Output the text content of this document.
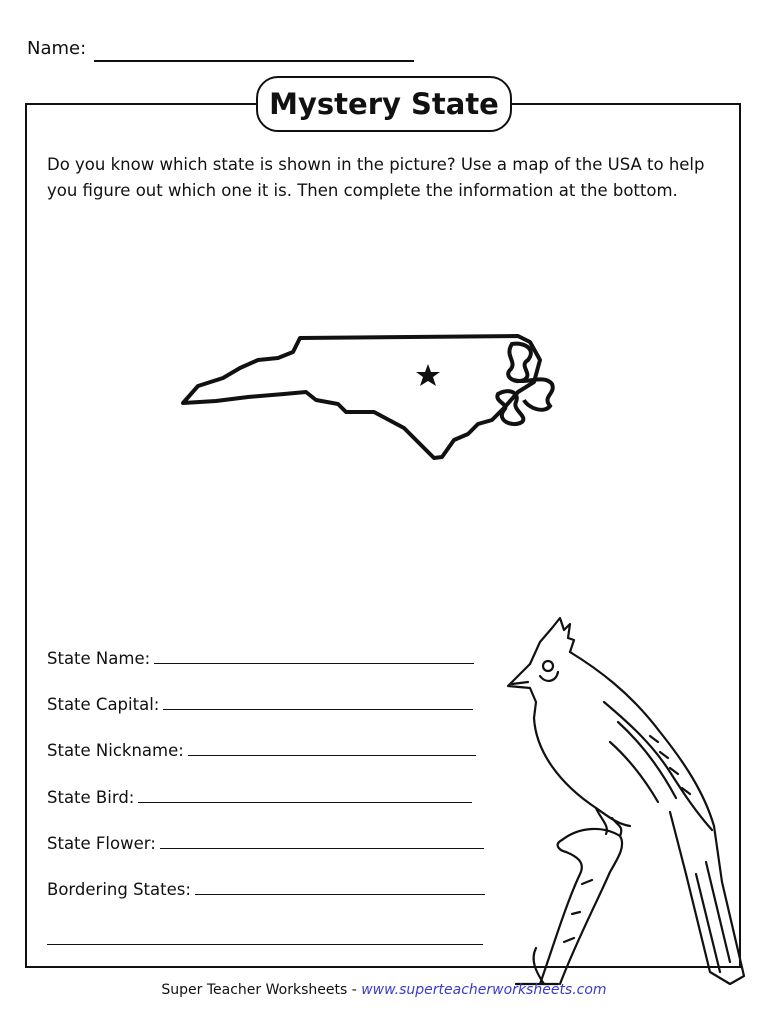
Name:
Mystery State

Do you know which state is shown in the picture? Use a map of the USA to help you figure out which one it is. Then complete the information at the bottom.

State Name:
State Capital:
State Nickname:
State Bird:
State Flower:
Bordering States:
Super Teacher Worksheets - www.superteacherworksheets.com
